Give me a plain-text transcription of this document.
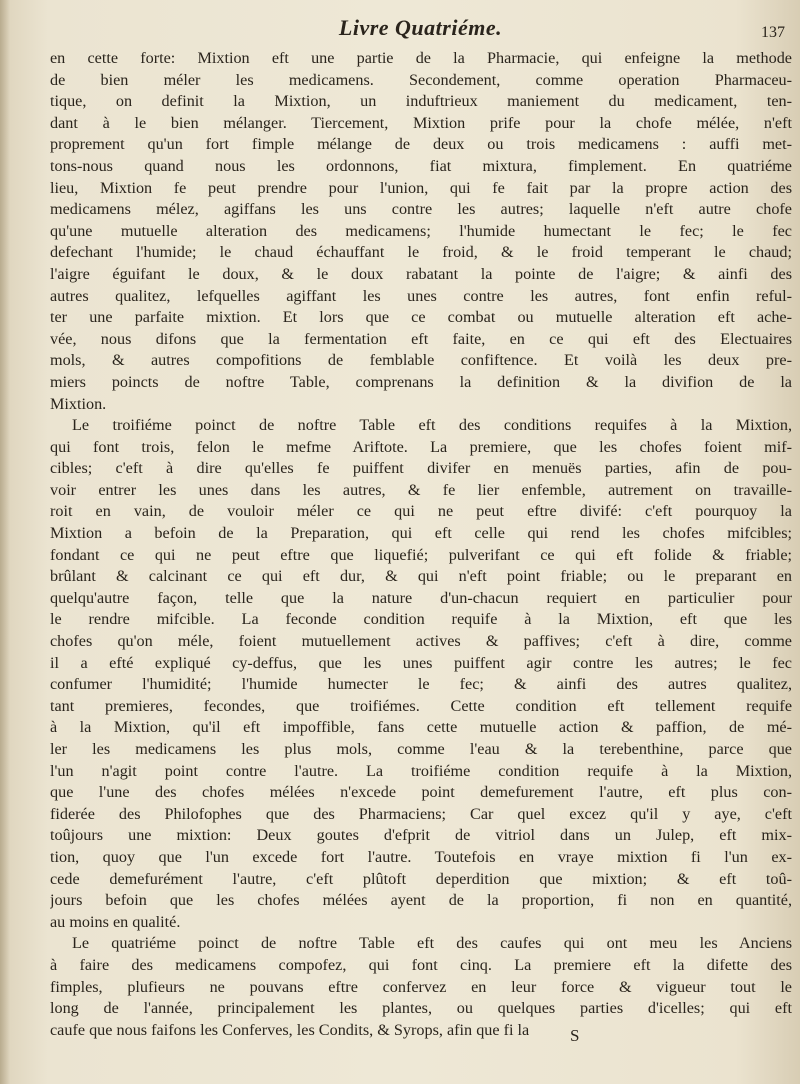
Livre Quatriéme.	137
en cette forte: Mixtion eft une partie de la Pharmacie, qui enfeigne la methode
de bien méler les medicamens. Secondement, comme operation Pharmaceu-
tique, on definit la Mixtion, un induftrieux maniement du medicament, ten-
dant à le bien mélanger. Tiercement, Mixtion prife pour la chofe mélée, n'eft
proprement qu'un fort fimple mélange de deux ou trois medicamens : auffi met-
tons-nous quand nous les ordonnons, fiat mixtura, fimplement. En quatriéme
lieu, Mixtion fe peut prendre pour l'union, qui fe fait par la propre action des
medicamens mélez, agiffans les uns contre les autres; laquelle n'eft autre chofe
qu'une mutuelle alteration des medicamens; l'humide humectant le fec; le fec
defechant l'humide; le chaud échauffant le froid, & le froid temperant le chaud;
l'aigre éguifant le doux, & le doux rabatant la pointe de l'aigre; & ainfi des
autres qualitez, lefquelles agiffant les unes contre les autres, font enfin reful-
ter une parfaite mixtion. Et lors que ce combat ou mutuelle alteration eft ache-
vée, nous difons que la fermentation eft faite, en ce qui eft des Electuaires
mols, & autres compofitions de femblable confiftence. Et voilà les deux pre-
miers poincts de noftre Table, comprenans la definition & la divifion de la
Mixtion.
Le troifiéme poinct de noftre Table eft des conditions requifes à la Mixtion,
qui font trois, felon le mefme Ariftote. La premiere, que les chofes foient mif-
cibles; c'eft à dire qu'elles fe puiffent divifer en menuës parties, afin de pou-
voir entrer les unes dans les autres, & fe lier enfemble, autrement on travaille-
roit en vain, de vouloir méler ce qui ne peut eftre divifé: c'eft pourquoy la
Mixtion a befoin de la Preparation, qui eft celle qui rend les chofes mifcibles;
fondant ce qui ne peut eftre que liquefié; pulverifant ce qui eft folide & friable;
brûlant & calcinant ce qui eft dur, & qui n'eft point friable; ou le preparant en
quelqu'autre façon, telle que la nature d'un-chacun requiert en particulier pour
le rendre mifcible. La feconde condition requife à la Mixtion, eft que les
chofes qu'on méle, foient mutuellement actives & paffives; c'eft à dire, comme
il a efté expliqué cy-deffus, que les unes puiffent agir contre les autres; le fec
confumer l'humidité; l'humide humecter le fec; & ainfi des autres qualitez,
tant premieres, fecondes, que troifiémes. Cette condition eft tellement requife
à la Mixtion, qu'il eft impoffible, fans cette mutuelle action & paffion, de mé-
ler les medicamens les plus mols, comme l'eau & la terebenthine, parce que
l'un n'agit point contre l'autre. La troifiéme condition requife à la Mixtion,
que l'une des chofes mélées n'excede point demefurement l'autre, eft plus con-
fiderée des Philofophes que des Pharmaciens; Car quel excez qu'il y aye, c'eft
toûjours une mixtion: Deux goutes d'efprit de vitriol dans un Julep, eft mix-
tion, quoy que l'un excede fort l'autre. Toutefois en vraye mixtion fi l'un ex-
cede demefurément l'autre, c'eft plûtoft deperdition que mixtion; & eft toû-
jours befoin que les chofes mélées ayent de la proportion, fi non en quantité,
au moins en qualité.
Le quatriéme poinct de noftre Table eft des caufes qui ont meu les Anciens
à faire des medicamens compofez, qui font cinq. La premiere eft la difette des
fimples, plufieurs ne pouvans eftre confervez en leur force & vigueur tout le
long de l'année, principalement les plantes, ou quelques parties d'icelles; qui eft
caufe que nous faifons les Conferves, les Condits, & Syrops, afin que fi la	S
